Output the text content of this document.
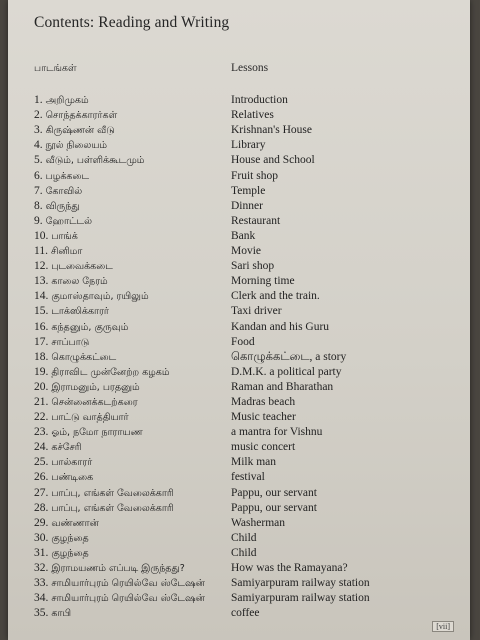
Contents: Reading and Writing
பாடங்கள்	Lessons
1. அறிமுகம்	Introduction
2. சொந்தக்காரர்கள்	Relatives
3. கிருஷ்ணன் வீடு	Krishnan's House
4. நூல் நிலையம்	Library
5. வீடும், பள்ளிக்கூடமும்	House and School
6. பழக்கடை	Fruit shop
7. கோவில்	Temple
8. விருந்து	Dinner
9. ஹோட்டல்	Restaurant
10. பாங்க்	Bank
11. சினிமா	Movie
12. புடவைக்கடை	Sari shop
13. காலை நேரம்	Morning time
14. குமாஸ்தாவும், ரயிலும்	Clerk and the train.
15. டாக்ஸிக்காரர்	Taxi driver
16. கந்தனும், குருவும்	Kandan and his Guru
17. சாப்பாடு	Food
18. கொழுக்கட்டை	கொழுக்கட்டை, a story
19. திராவிட முன்னேற்ற கழகம்	D.M.K. a political party
20. இராமனும், பரதனும்	Raman and Bharathan
21. சென்னைக்கடற்கரை	Madras beach
22. பாட்டு வாத்தியார்	Music teacher
23. ஓம், நமோ நாராயண	a mantra for Vishnu
24. கச்சேரி	music concert
25. பால்காரர்	Milk man
26. பண்டிகை	festival
27. பாப்பு, எங்கள் வேலைக்காரி	Pappu, our servant
28. பாப்பு, எங்கள் வேலைக்காரி	Pappu, our servant
29. வண்ணான்	Washerman
30. குழந்தை	Child
31. குழந்தை	Child
32. இராமயணம் எப்படி இருந்தது?	How was the Ramayana?
33. சாமியார்புரம் ரெயில்வே ஸ்டேஷன் Samiyarpuram railway station
34. சாமியார்புரம் ரெயில்வே ஸ்டேஷன் Samiyarpuram railway station
35. காபி	coffee
[vii]
